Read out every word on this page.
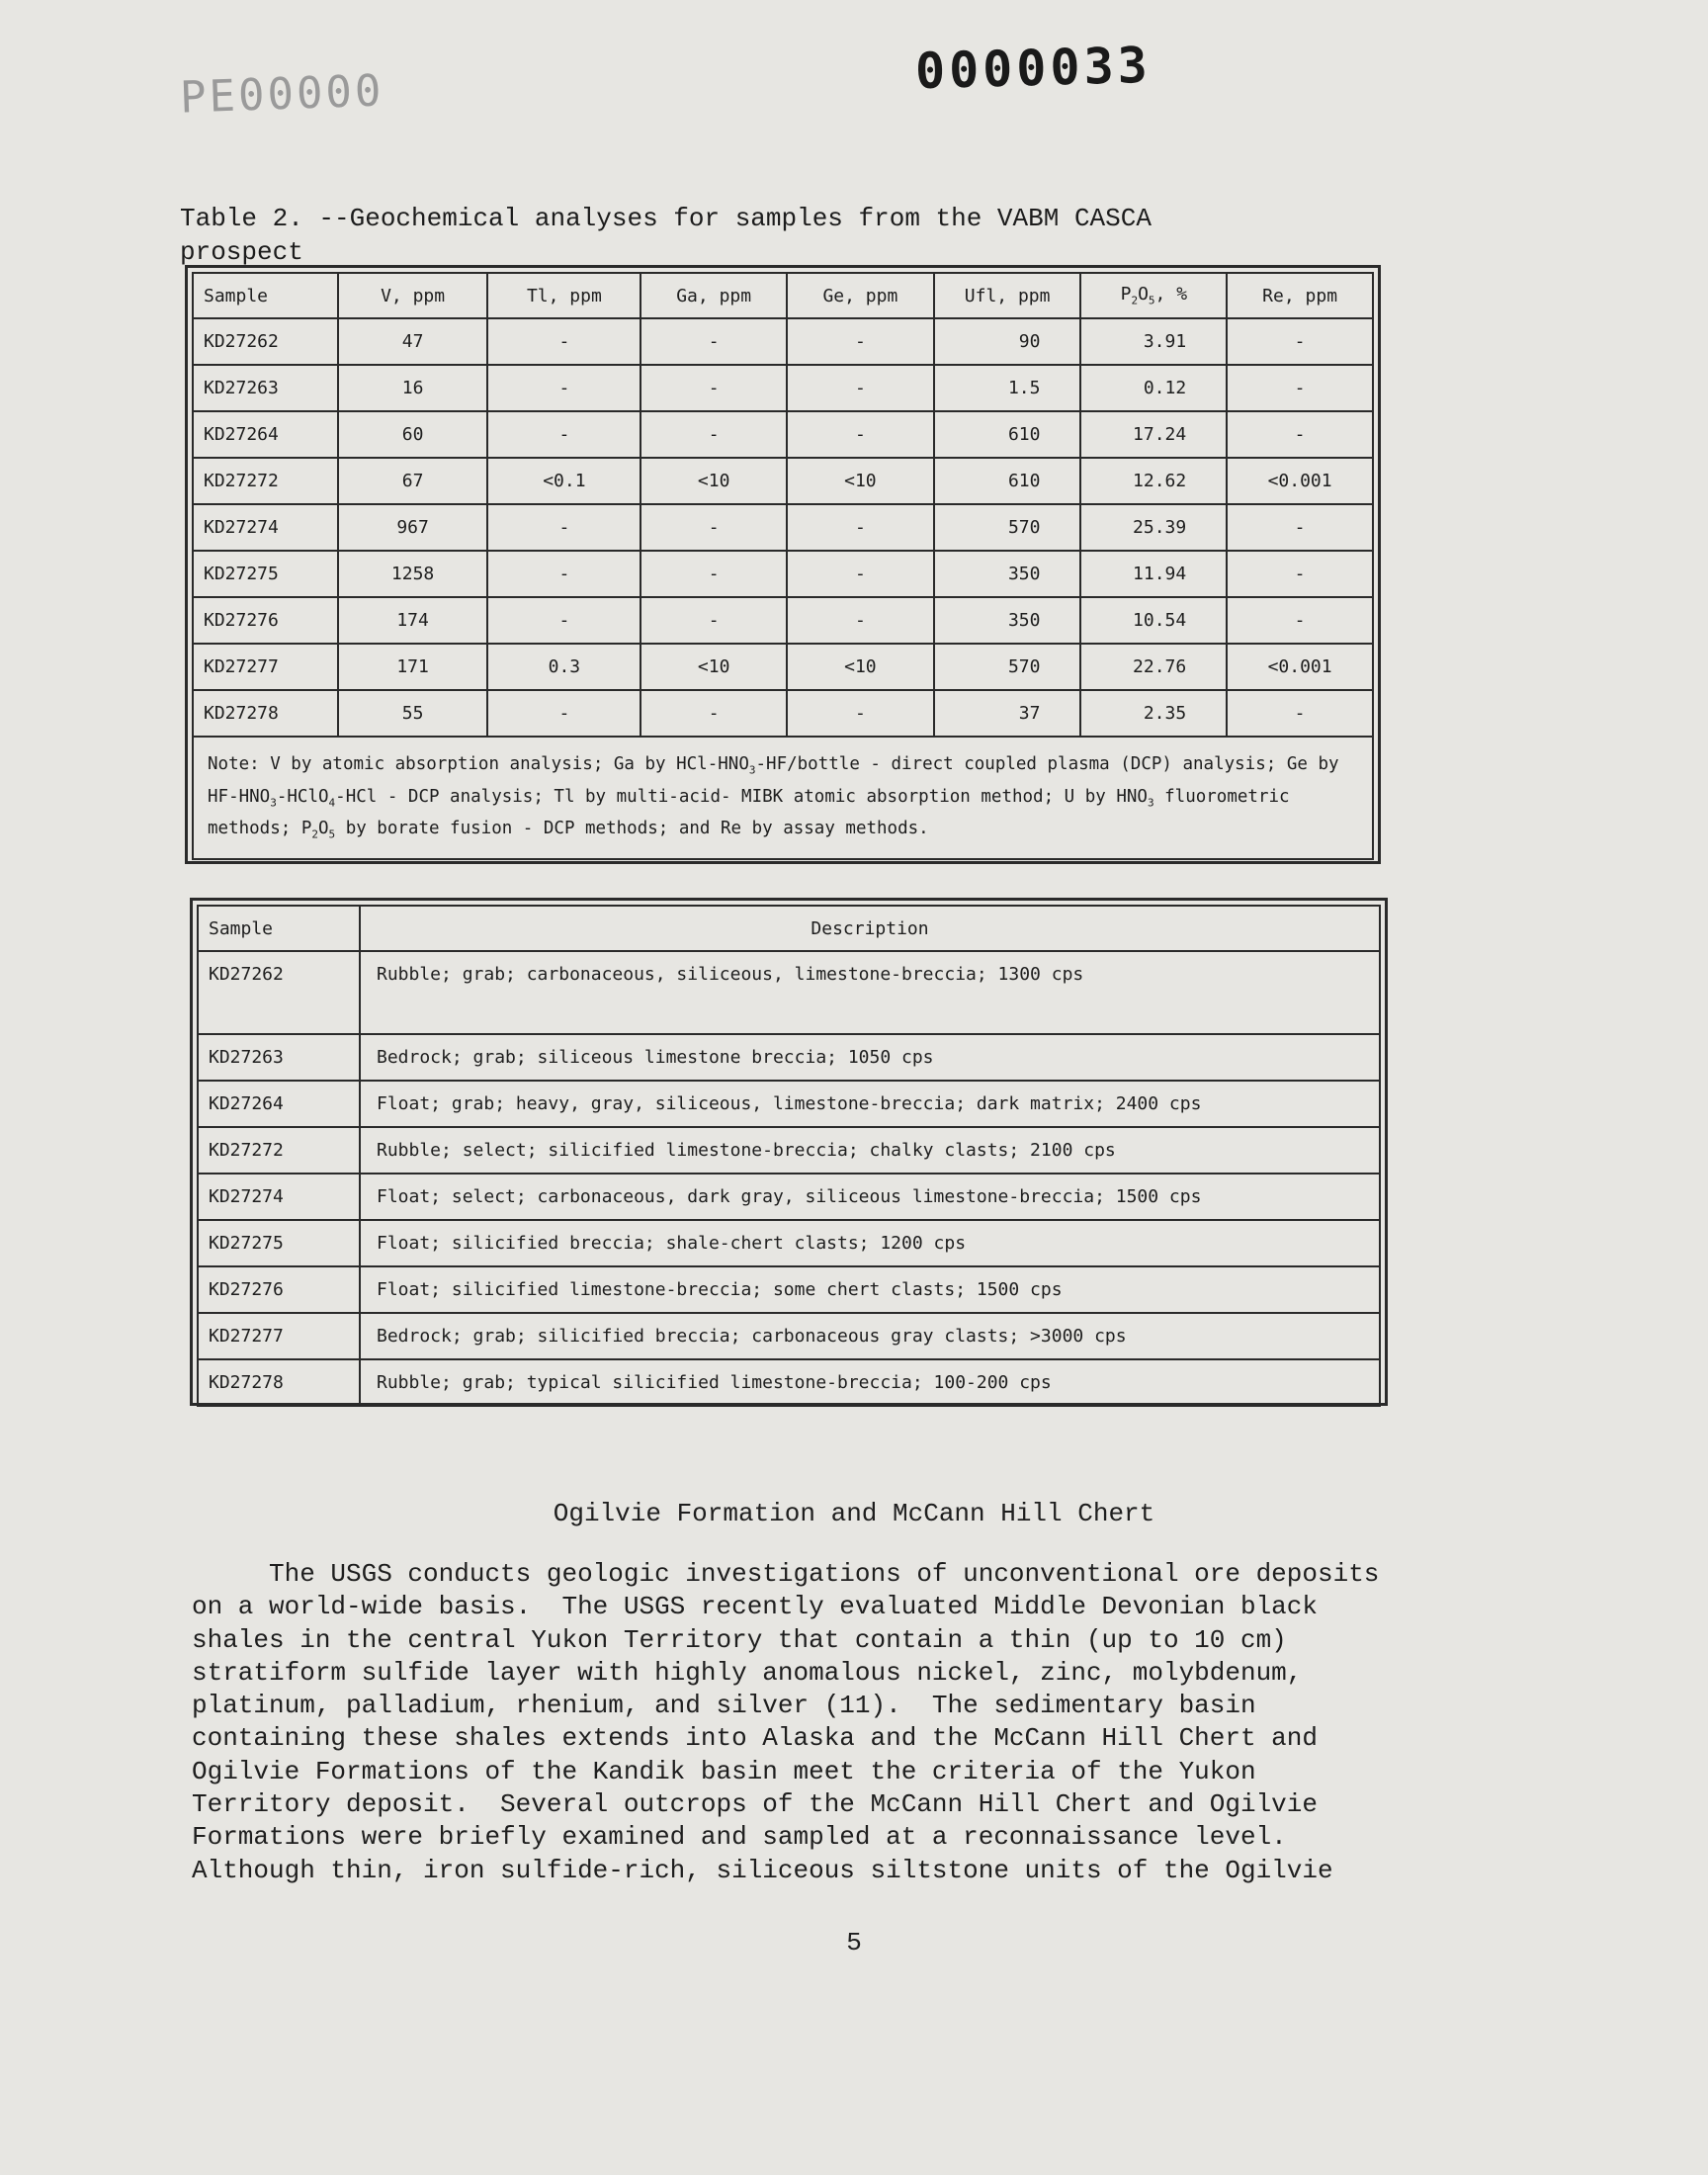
PE00000	0000033
Table 2. --Geochemical analyses for samples from the VABM CASCA
prospect
Sample	V, ppm	Tl, ppm	Ga, ppm	Ge, ppm	Ufl, ppm	$P_2O_5$, %	Re, ppm
KD27262	47	-	-	-	90	3.91	-
KD27263	16	-	-	-	1.5	0.12	-
KD27264	60	-	-	-	610	17.24	-
KD27272	67	<0.1	<10	<10	610	12.62	<0.001
KD27274	967	-	-	-	570	25.39	-
KD27275	1258	-	-	-	350	11.94	-
KD27276	174	-	-	-	350	10.54	-
KD27277	171	0.3	<10	<10	570	22.76	<0.001
KD27278	55	-	-	-	37	2.35	-
Note: V by atomic absorption analysis; Ga by HCl-$HNO_3-HF$/bottle - direct coupled plasma (DCP) analysis; Ge by $HF-HNO_3-HClO_4$-HCl - DCP analysis; Tl by multi-acid- MIBK atomic absorption method; U by $HNO_3$ fluorometric methods; $P_2O_5$ by borate fusion - DCP methods; and Re by assay methods.							
Sample	Description
KD27262	Rubble; grab; carbonaceous, siliceous, limestone-breccia; 1300 cps
KD27263	Bedrock; grab; siliceous limestone breccia; 1050 cps
KD27264	Float; grab; heavy, gray, siliceous, limestone-breccia; dark matrix; 2400 cps
KD27272	Rubble; select; silicified limestone-breccia; chalky clasts; 2100 cps
KD27274	Float; select; carbonaceous, dark gray, siliceous limestone-breccia; 1500 cps
KD27275	Float; silicified breccia; shale-chert clasts; 1200 cps
KD27276	Float; silicified limestone-breccia; some chert clasts; 1500 cps
KD27277	Bedrock; grab; silicified breccia; carbonaceous gray clasts; >3000 cps
KD27278	Rubble; grab; typical silicified limestone-breccia; 100-200 cps
Ogilvie Formation and McCann Hill Chert
The USGS conducts geologic investigations of unconventional ore deposits
on a world-wide basis.  The USGS recently evaluated Middle Devonian black
shales in the central Yukon Territory that contain a thin (up to 10 cm)
stratiform sulfide layer with highly anomalous nickel, zinc, molybdenum,
platinum, palladium, rhenium, and silver (11).  The sedimentary basin
containing these shales extends into Alaska and the McCann Hill Chert and
Ogilvie Formations of the Kandik basin meet the criteria of the Yukon
Territory deposit.  Several outcrops of the McCann Hill Chert and Ogilvie
Formations were briefly examined and sampled at a reconnaissance level.
Although thin, iron sulfide-rich, siliceous siltstone units of the Ogilvie
5
